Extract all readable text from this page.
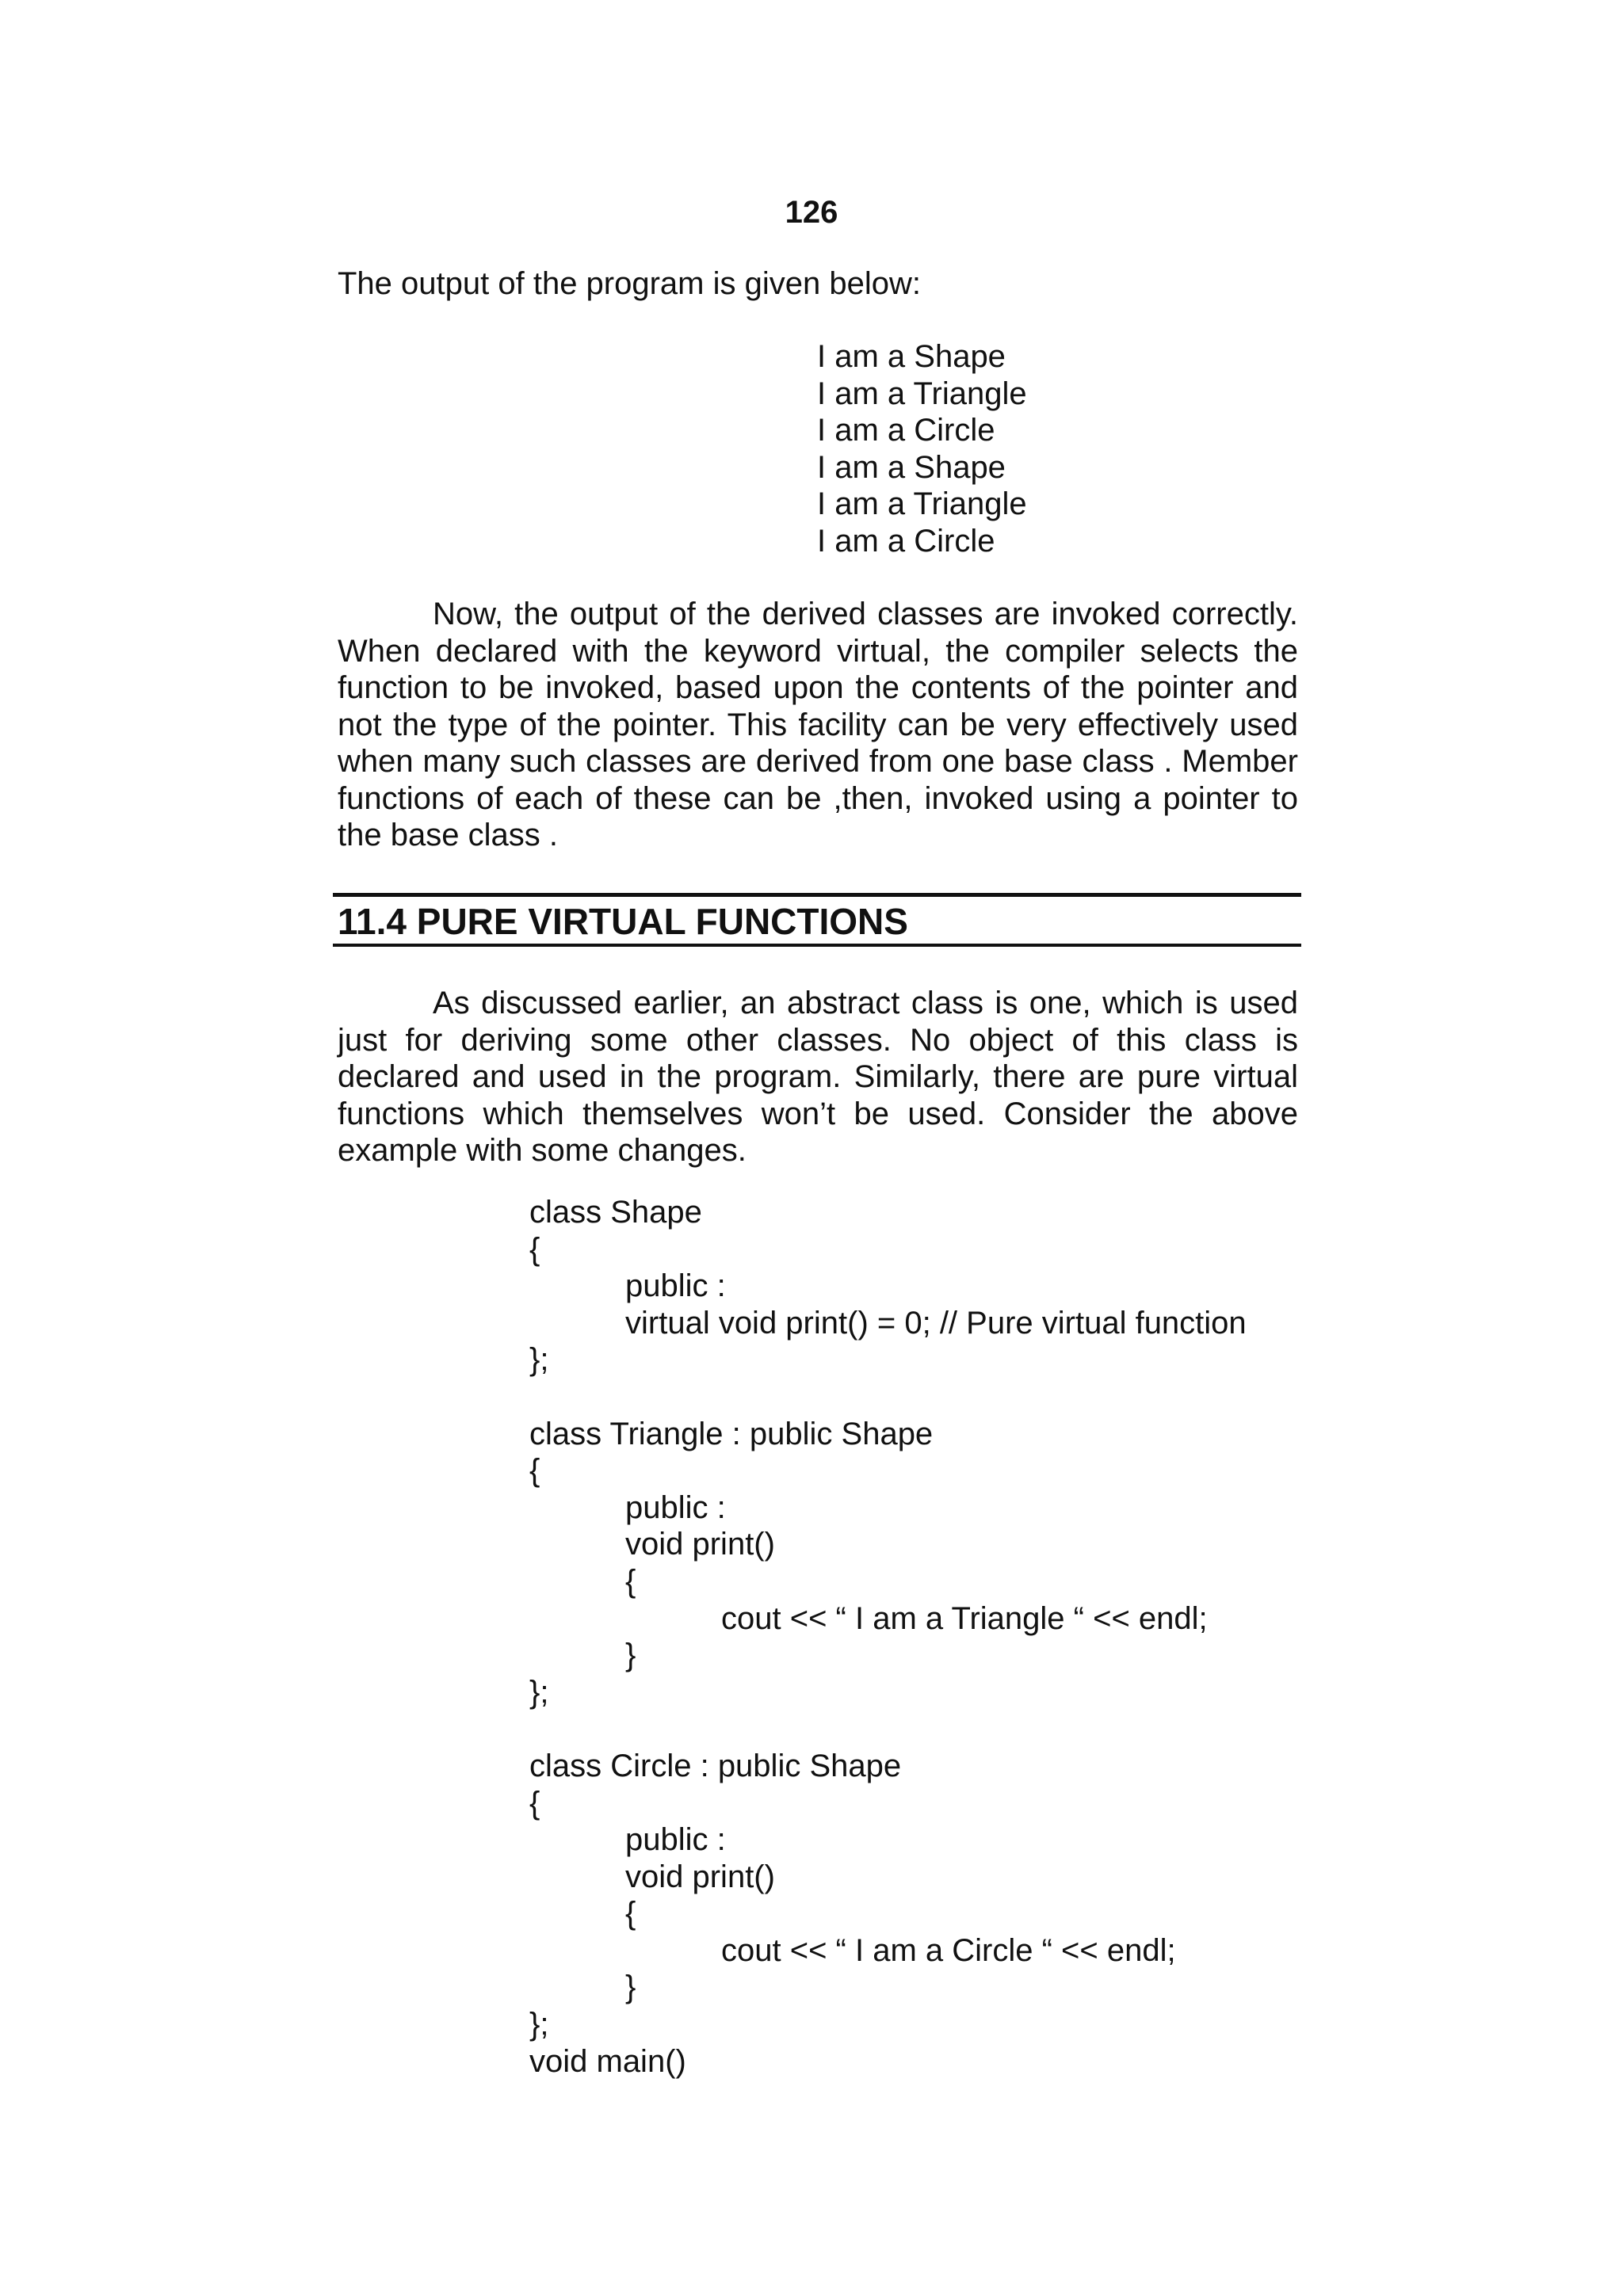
126

The output of the program is given below:

I am a Shape
I am a Triangle
I am a Circle
I am a Shape
I am a Triangle
I am a Circle

Now, the output of the derived classes are invoked correctly. When declared with the keyword virtual, the compiler selects the function to be invoked, based upon the contents of the pointer and not the type of the pointer. This facility can be very effectively used when many such classes are derived from one base class . Member functions of each of these can be ,then, invoked using a pointer to the base class .

11.4 PURE VIRTUAL FUNCTIONS

As discussed earlier, an abstract class is one, which is used just for deriving some other classes. No object of this class is declared and used in the program. Similarly, there are pure virtual functions which themselves won’t be used. Consider the above example with some changes.

class Shape
{
public :
virtual void print() = 0; // Pure virtual function
};
class Triangle : public Shape
{
public :
void print()
{
cout << “ I am a Triangle “ << endl;
}
};
class Circle : public Shape
{
public :
void print()
{
cout << “ I am a Circle “ << endl;
}
};
void main()
